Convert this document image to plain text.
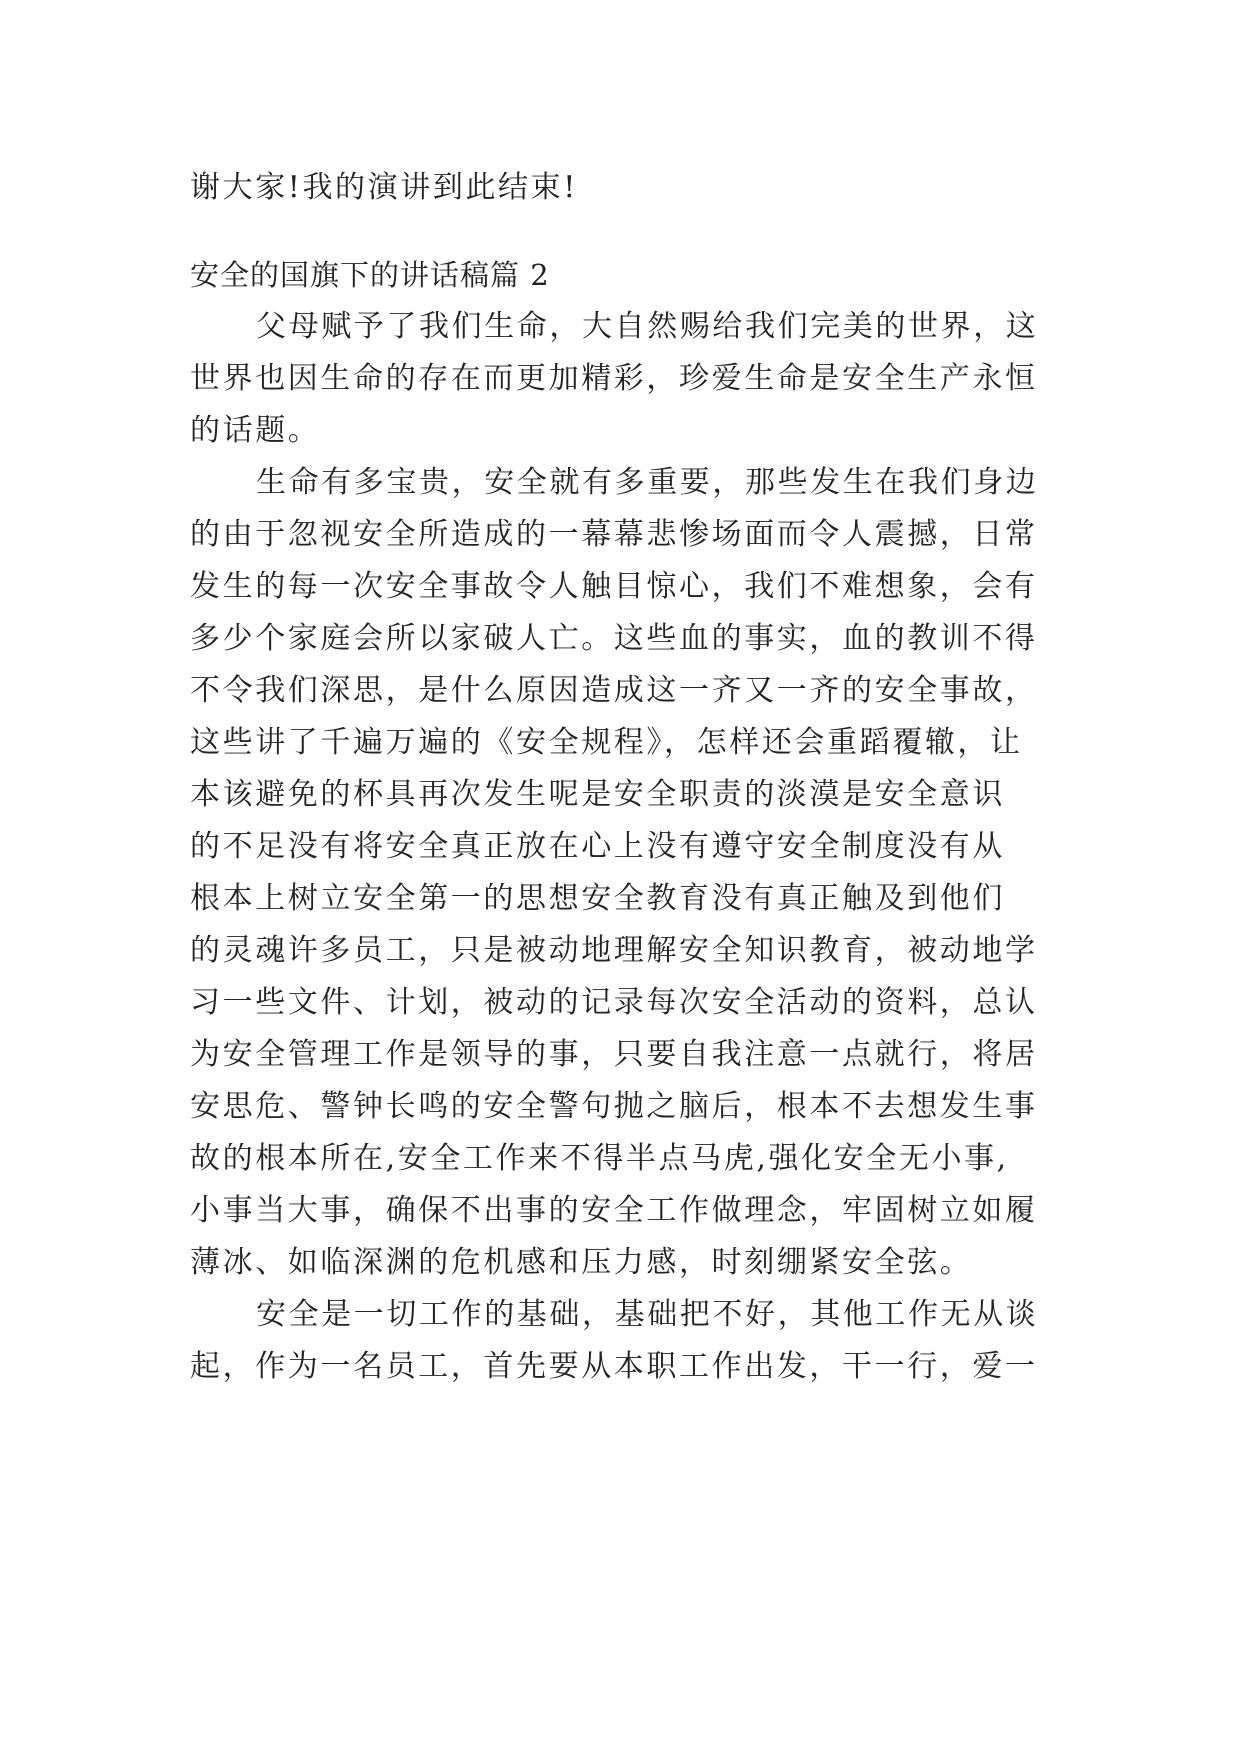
谢大家!我的演讲到此结束!
安全的国旗下的讲话稿篇 2
父母赋予了我们生命，大自然赐给我们完美的世界，这
世界也因生命的存在而更加精彩，珍爱生命是安全生产永恒
的话题。
生命有多宝贵，安全就有多重要，那些发生在我们身边
的由于忽视安全所造成的一幕幕悲惨场面而令人震撼，日常
发生的每一次安全事故令人触目惊心，我们不难想象，会有
多少个家庭会所以家破人亡。这些血的事实，血的教训不得
不令我们深思，是什么原因造成这一齐又一齐的安全事故，
这些讲了千遍万遍的《安全规程》，怎样还会重蹈覆辙，让
本该避免的杯具再次发生呢是安全职责的淡漠是安全意识
的不足没有将安全真正放在心上没有遵守安全制度没有从
根本上树立安全第一的思想安全教育没有真正触及到他们
的灵魂许多员工，只是被动地理解安全知识教育，被动地学
习一些文件、计划，被动的记录每次安全活动的资料，总认
为安全管理工作是领导的事，只要自我注意一点就行，将居
安思危、警钟长鸣的安全警句抛之脑后，根本不去想发生事
故的根本所在,安全工作来不得半点马虎,强化安全无小事,
小事当大事，确保不出事的安全工作做理念，牢固树立如履
薄冰、如临深渊的危机感和压力感，时刻绷紧安全弦。
安全是一切工作的基础，基础把不好，其他工作无从谈
起，作为一名员工，首先要从本职工作出发，干一行，爱一
